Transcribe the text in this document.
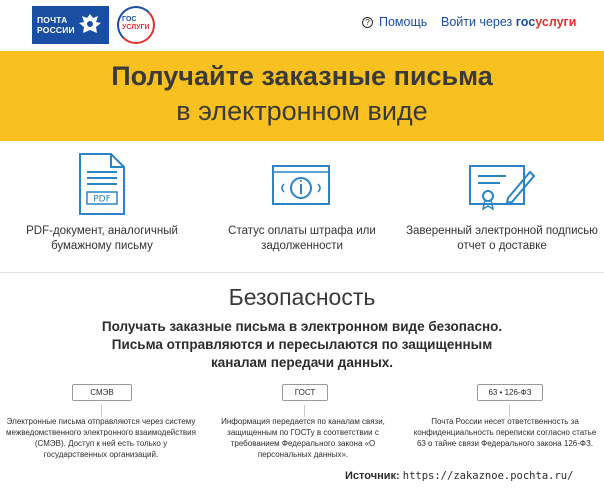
ПОЧТА РОССИИ
ГОС
УСЛУГИ
? Помощь Войти через госуслуги
Получайте заказные письма
в электронном виде
PDF
PDF-документ, аналогичный бумажному письму
Статус оплаты штрафа или задолженности
Заверенный электронной подписью отчет о доставке
Безопасность
Получать заказные письма в электронном виде безопасно. Письма отправляются и пересылаются по защищенным каналам передачи данных.
СМЭВ
Электронные письма отправляются через систему межведомственного электронного взаимодействия (СМЭВ). Доступ к ней есть только у государственных организаций.
ГОСТ
Информация передается по каналам связи, защищенным по ГОСТу в соответствии с требованием Федерального закона «О персональных данных».
63 • 126-ФЗ
Почта России несет ответственность за конфиденциальность переписки согласно статье 63 о тайне связи Федерального закона 126-ФЗ.
Источник: https://zakaznoe.pochta.ru/
